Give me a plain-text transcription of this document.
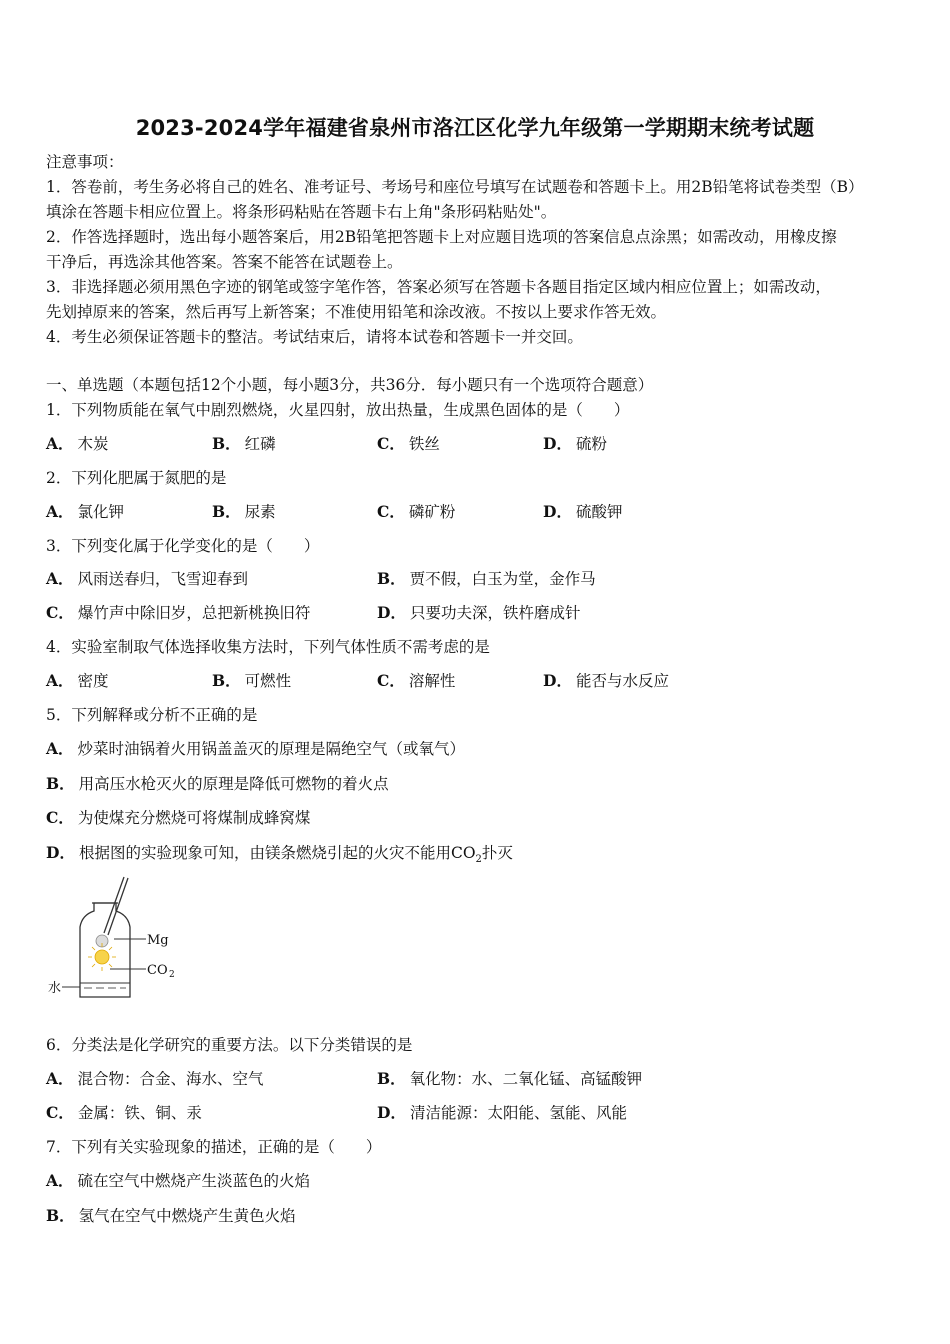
2023-2024学年福建省泉州市洛江区化学九年级第一学期期末统考试题
注意事项：
1．答卷前，考生务必将自己的姓名、准考证号、考场号和座位号填写在试题卷和答题卡上。用2B铅笔将试卷类型（B）
填涂在答题卡相应位置上。将条形码粘贴在答题卡右上角"条形码粘贴处"。
2．作答选择题时，选出每小题答案后，用2B铅笔把答题卡上对应题目选项的答案信息点涂黑；如需改动，用橡皮擦
干净后，再选涂其他答案。答案不能答在试题卷上。
3．非选择题必须用黑色字迹的钢笔或签字笔作答，答案必须写在答题卡各题目指定区域内相应位置上；如需改动，
先划掉原来的答案，然后再写上新答案；不准使用铅笔和涂改液。不按以上要求作答无效。
4．考生必须保证答题卡的整洁。考试结束后，请将本试卷和答题卡一并交回。
一、单选题（本题包括12个小题，每小题3分，共36分．每小题只有一个选项符合题意）
1．下列物质能在氧气中剧烈燃烧，火星四射，放出热量，生成黑色固体的是（　　）
A． 木炭	B． 红磷	C． 铁丝	D． 硫粉
2．下列化肥属于氮肥的是
A． 氯化钾	B． 尿素	C． 磷矿粉	D． 硫酸钾
3．下列变化属于化学变化的是（　　）
A． 风雨送春归，飞雪迎春到	B． 贾不假，白玉为堂，金作马
C． 爆竹声中除旧岁，总把新桃换旧符	D． 只要功夫深，铁杵磨成针
4．实验室制取气体选择收集方法时，下列气体性质不需考虑的是
A． 密度	B． 可燃性	C． 溶解性	D． 能否与水反应
5．下列解释或分析不正确的是
A． 炒菜时油锅着火用锅盖盖灭的原理是隔绝空气（或氧气）
B． 用高压水枪灭火的原理是降低可燃物的着火点
C． 为使煤充分燃烧可将煤制成蜂窝煤
D． 根据图的实验现象可知，由镁条燃烧引起的火灾不能用$CO_2$扑灭
Mg
CO 2
水
6．分类法是化学研究的重要方法。以下分类错误的是
A． 混合物：合金、海水、空气	B． 氧化物：水、二氧化锰、高锰酸钾
C． 金属：铁、铜、汞	D． 清洁能源：太阳能、氢能、风能
7．下列有关实验现象的描述，正确的是（　　）
A． 硫在空气中燃烧产生淡蓝色的火焰
B． 氢气在空气中燃烧产生黄色火焰
